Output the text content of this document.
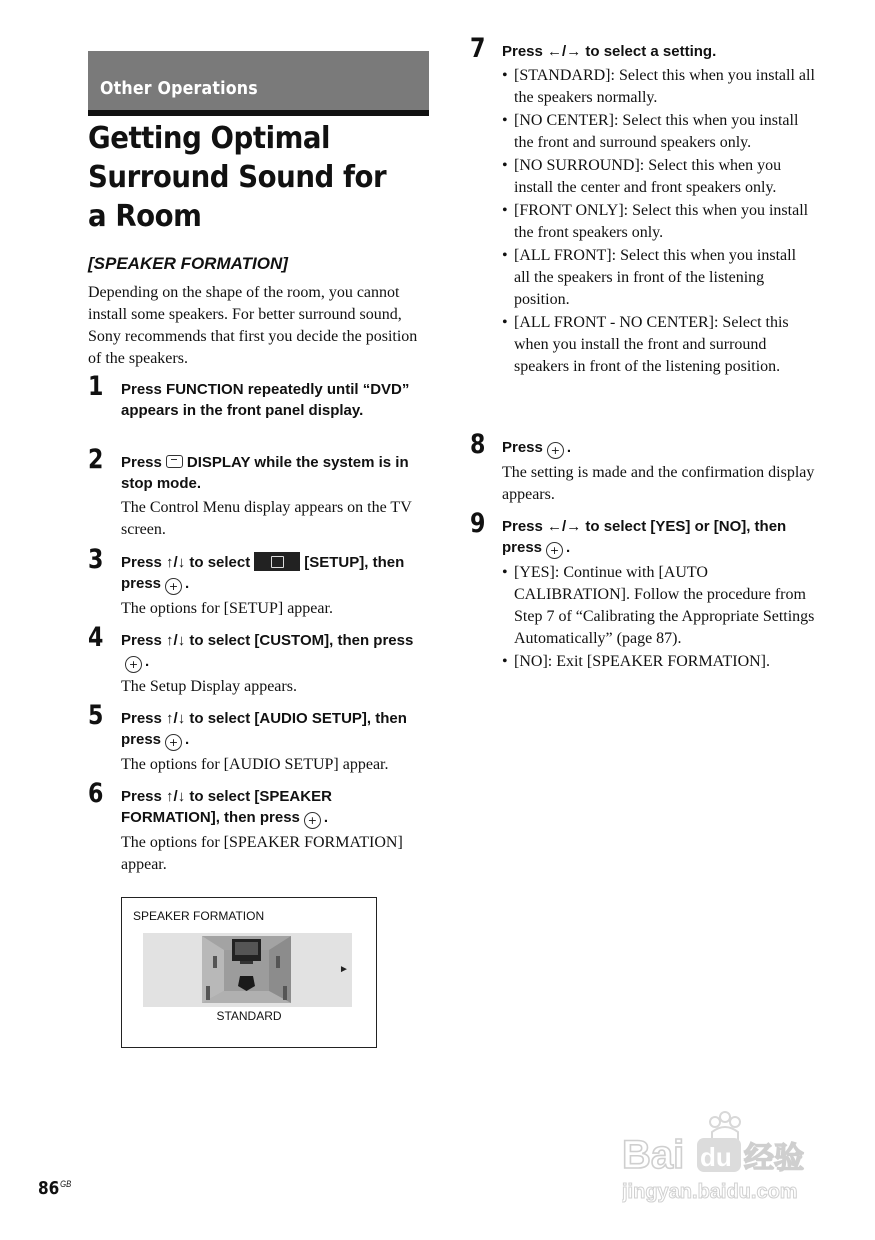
Other Operations
Getting Optimal Surround Sound for a Room
[SPEAKER FORMATION]

Depending on the shape of the room, you cannot install some speakers. For better surround sound, Sony recommends that first you decide the position of the speakers.

1 Press FUNCTION repeatedly until “DVD” appears in the front panel display.

2 Press DISPLAY while the system is in stop mode.

The Control Menu display appears on the TV screen.

3 Press ↑/↓ to select	[SETUP], then press + .

The options for [SETUP] appear.

4 Press ↑/↓ to select [CUSTOM], then press+ .

The Setup Display appears.

5 Press ↑/↓ to select [AUDIO SETUP], then press + .

The options for [AUDIO SETUP] appear.

6 Press ↑/↓ to select [SPEAKER FORMATION], then press + .

The options for [SPEAKER FORMATION] appear.

SPEAKER FORMATION
►
STANDARD
7 Press ←/→ to select a setting.

• [STANDARD]: Select this when you install all the speakers normally.
• [NO CENTER]: Select this when you install the front and surround speakers only.
• [NO SURROUND]: Select this when you install the center and front speakers only.
• [FRONT ONLY]: Select this when you install the front speakers only.
• [ALL FRONT]: Select this when you install all the speakers in front of the listening position.
• [ALL FRONT - NO CENTER]: Select this when you install the front and surround speakers in front of the listening position.
8 Press + .

The setting is made and the confirmation display appears.

9 Press ←/→ to select [YES] or [NO], then press + .

• [YES]: Continue with [AUTO CALIBRATION]. Follow the procedure from Step 7 of “Calibrating the Appropriate Settings Automatically” (page 87).
• [NO]: Exit [SPEAKER FORMATION].
$86^{GB}$
Bai du 经验
jingyan.baidu.com
